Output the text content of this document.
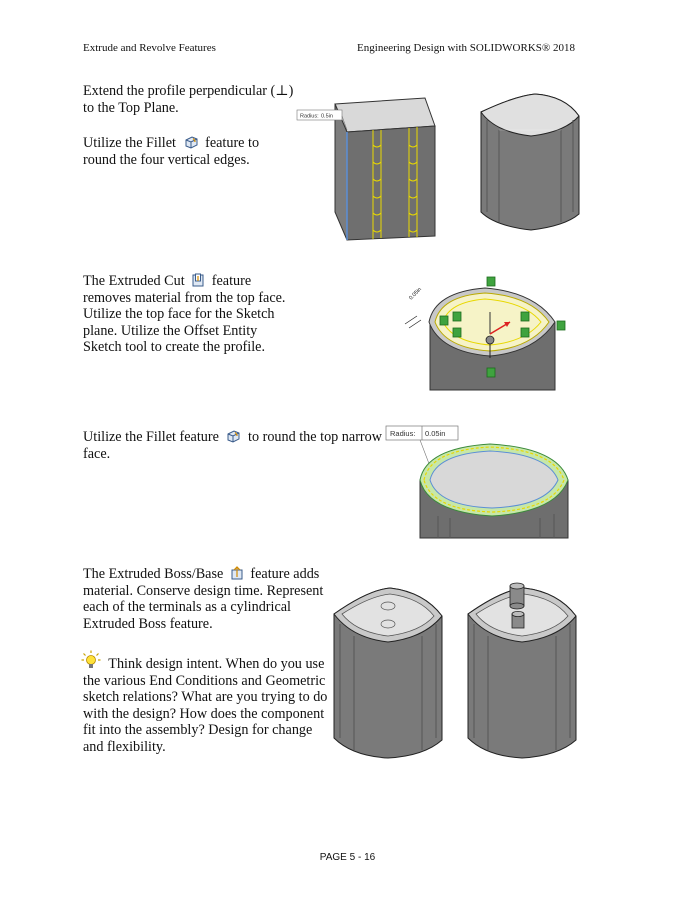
Extrude and Revolve Features	Engineering Design with SOLIDWORKS® 2018
Extend the profile perpendicular (⊥)
to the Top Plane.
Utilize the Fillet feature to
round the four vertical edges.
Radius: 0.5in
The Extruded Cut feature
removes material from the top face.
Utilize the top face for the Sketch
plane. Utilize the Offset Entity
Sketch tool to create the profile.
0.05in
Utilize the Fillet feature to round the top narrow
face.
Radius: 0.05in
The Extruded Boss/Base feature adds
material. Conserve design time. Represent
each of the terminals as a cylindrical
Extruded Boss feature.
Think design intent. When do you use
the various End Conditions and Geometric
sketch relations? What are you trying to do
with the design? How does the component
fit into the assembly? Design for change
and flexibility.
PAGE 5 - 16
